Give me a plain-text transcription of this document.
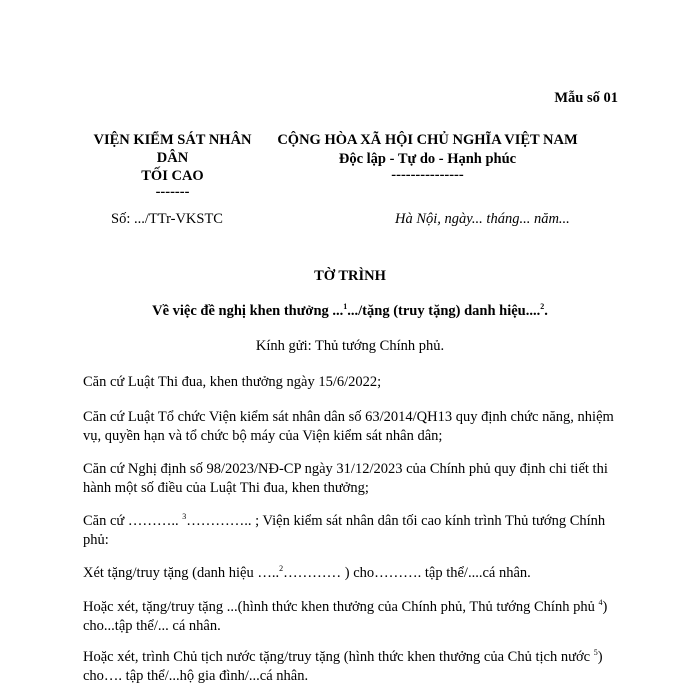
Mẫu số 01
VIỆN KIỂM SÁT NHÂN
DÂN
TỐI CAO
-------
CỘNG HÒA XÃ HỘI CHỦ NGHĨA VIỆT NAM
Độc lập - Tự do - Hạnh phúc
---------------
Số: .../TTr-VKSTC	Hà Nội, ngày... tháng... năm...
TỜ TRÌNH
Về việc đề nghị khen thưởng ...$^1$.../tặng (truy tặng) danh hiệu....$^2$.
Kính gửi: Thủ tướng Chính phủ.
Căn cứ Luật Thi đua, khen thưởng ngày 15/6/2022;
Căn cứ Luật Tổ chức Viện kiểm sát nhân dân số 63/2014/QH13 quy định chức năng, nhiệm vụ, quyền hạn và tổ chức bộ máy của Viện kiểm sát nhân dân;
Căn cứ Nghị định số 98/2023/NĐ-CP ngày 31/12/2023 của Chính phủ quy định chi tiết thi hành một số điều của Luật Thi đua, khen thưởng;
Căn cứ ……….. $^3$………….. ; Viện kiểm sát nhân dân tối cao kính trình Thủ tướng Chính phủ:
Xét tặng/truy tặng (danh hiệu …..$^2$………… ) cho………. tập thể/....cá nhân.
Hoặc xét, tặng/truy tặng ...(hình thức khen thưởng của Chính phủ, Thủ tướng Chính phủ $^4$) cho...tập thể/... cá nhân.
Hoặc xét, trình Chủ tịch nước tặng/truy tặng (hình thức khen thưởng của Chủ tịch nước $^5$) cho…. tập thể/...hộ gia đình/...cá nhân.
